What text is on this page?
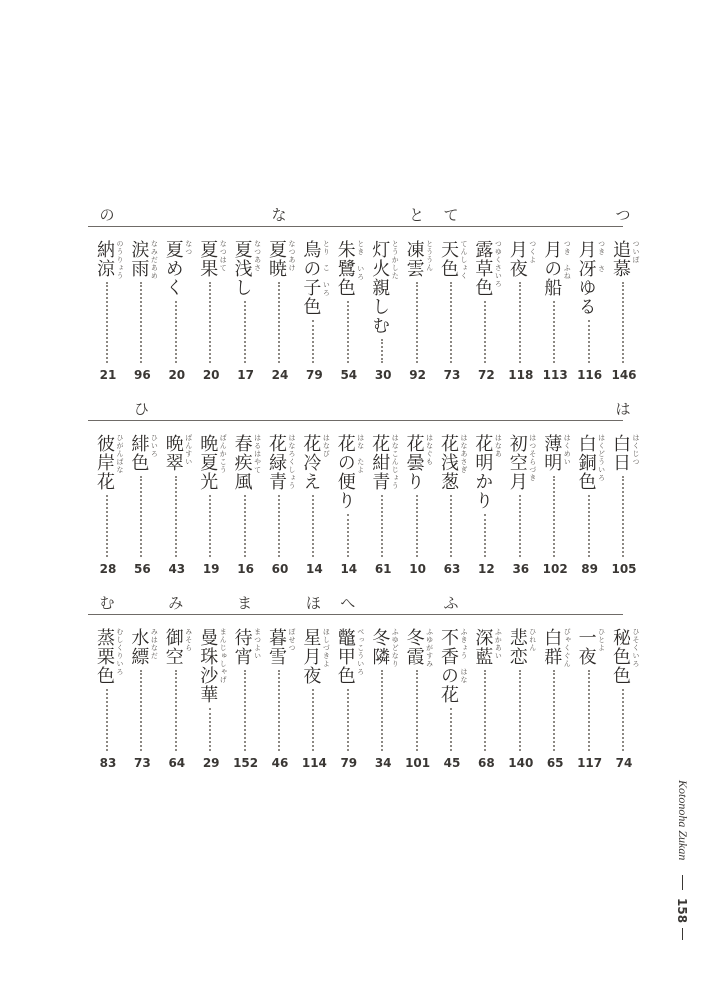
の	な	と て	つ
納涼 のうりょう
21
涙雨 なみだあめ
96
夏めく なつ
20
夏果 なつはて
20
夏浅し なつあさ
17
夏暁 なつあけ
24
鳥の子色 とり　こ いろ
79
朱鷺色 とき いろ
54
灯火親しむ とうかした
30
凍雲 とううん
92
天色 てんしょく
73
露草色 つゆくさいろ
72
月夜 つくよ
118
月の船 つき　ふね
113
月冴ゆる つき さ
116
追慕 ついぼ
146
ひ	は
彼岸花 ひがんばな
28
緋色 ひいろ
56
晩翠 ばんすい
43
晩夏光 ばんかこう
19
春疾風 はるはやて
16
花緑青 はなろくしょう
60
花冷え はなび
14
花の便り はな　たよ
14
花紺青 はなこんじょう
61
花曇り はなぐも
10
花浅葱 はなあさぎ
63
花明かり はなあ
12
初空月 はつそらづき
36
薄明 はくめい
102
白銅色 はくどういろ
89
白日 はくじつ
105
む	み	ま	ほ へ	ふ
蒸栗色 むしくりいろ
83
水縹 みはなだ
73
御空 みそら
64
曼珠沙華 まんじゅしゃげ
29
待宵 まつよい
152
暮雪 ぼせつ
46
星月夜 ほしづきよ
114
鼈甲色 べっこういろ
79
冬隣 ふゆどなり
34
冬霞 ふゆがすみ
101
不香の花 ふきょう　はな
45
深藍 ふかあい
68
悲恋 ひれん
140
白群 びゃくぐん
65
一夜 ひとよ
117
秘色色 ひそくいろ
74
Kotonoha Zukan
158
